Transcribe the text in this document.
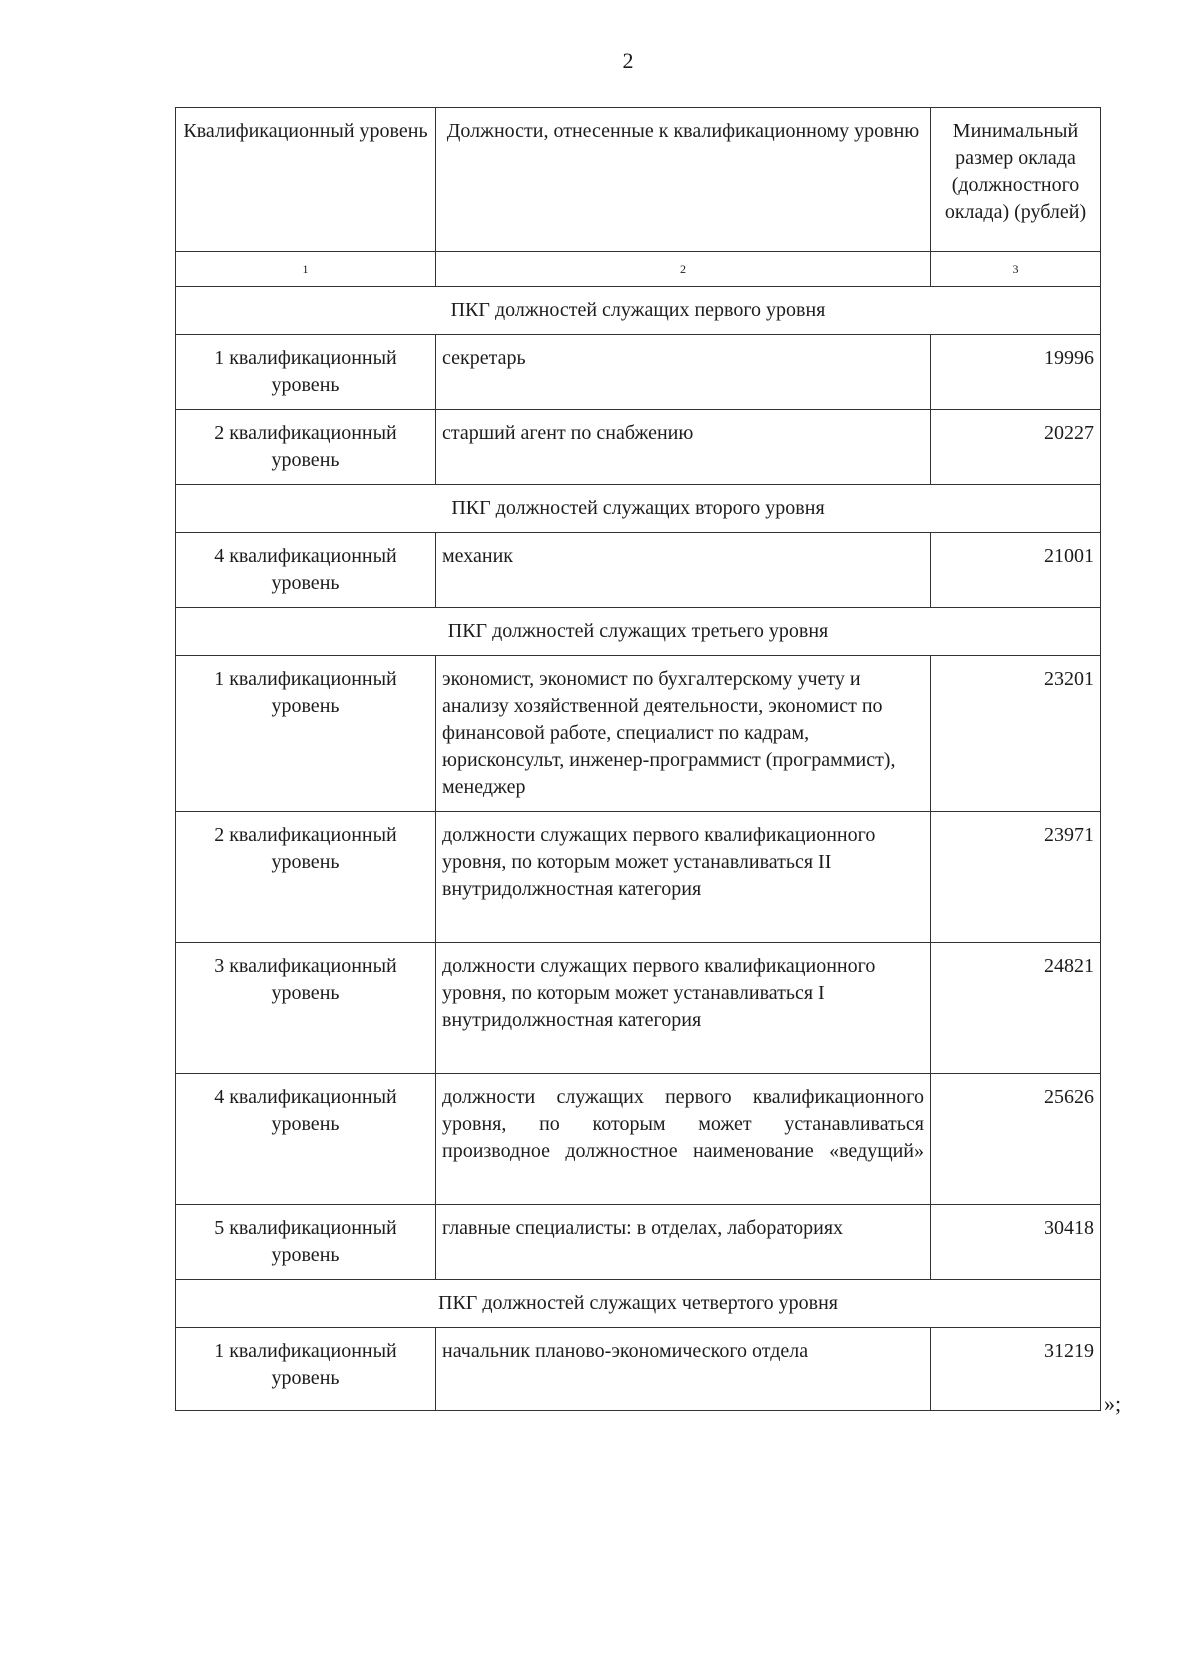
2
Квалификационный уровень	Должности, отнесенные к квалификационному уровню	Минимальный размер оклада (должностного оклада) (рублей)
1	2	3
ПКГ должностей служащих первого уровня		
1 квалификационный уровень	секретарь	19996
2 квалификационный уровень	старший агент по снабжению	20227
ПКГ должностей служащих второго уровня		
4 квалификационный уровень	механик	21001
ПКГ должностей служащих третьего уровня		
1 квалификационный уровень	экономист, экономист по бухгалтерскому учету и анализу хозяйственной деятельности, экономист по финансовой работе, специалист по кадрам, юрисконсульт, инженер-программист (программист), менеджер	23201
2 квалификационный уровень	должности служащих первого квалификационного уровня, по которым может устанавливаться II внутридолжностная категория	23971
3 квалификационный уровень	должности служащих первого квалификационного уровня, по которым может устанавливаться I внутридолжностная категория	24821
4 квалификационный уровень	должности служащих первого квалификационного уровня, по которым может устанавливаться производное должностное наименование «ведущий»	25626
5 квалификационный уровень	главные специалисты: в отделах, лабораториях	30418
ПКГ должностей служащих четвертого уровня		
1 квалификационный уровень	начальник планово-экономического отдела	31219
»;
